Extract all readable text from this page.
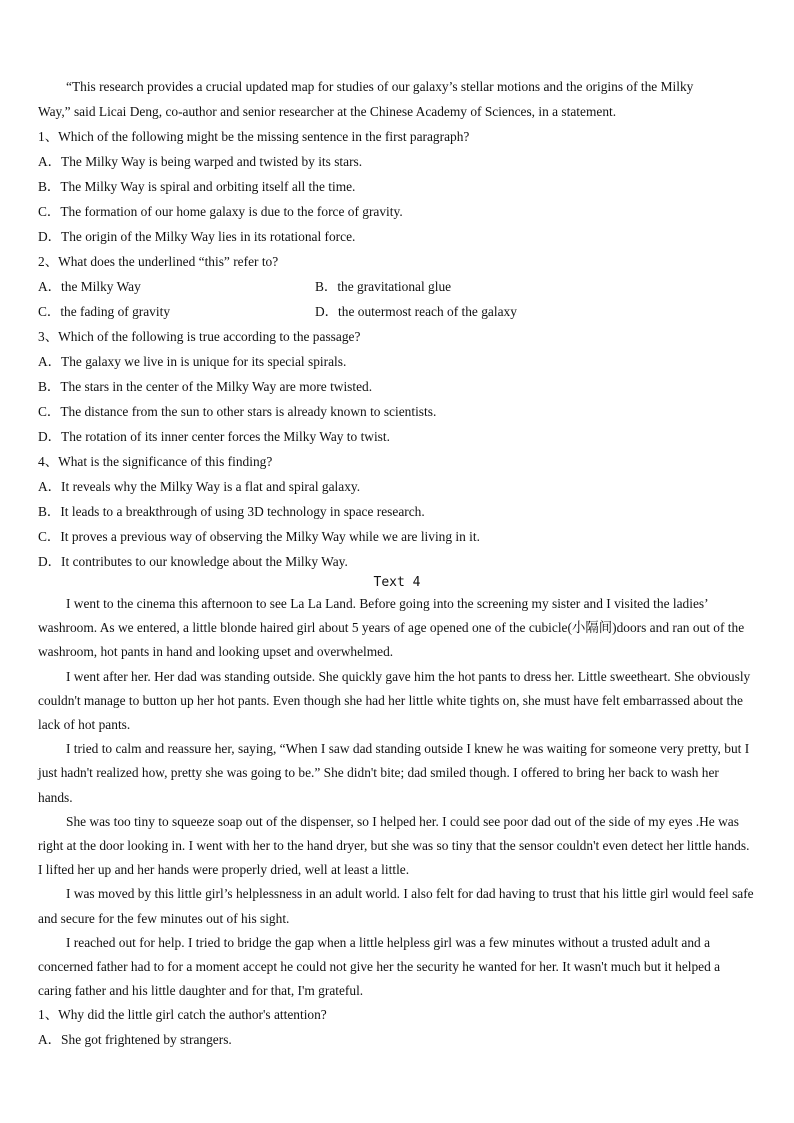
“This research provides a crucial updated map for studies of our galaxy’s stellar motions and the origins of the Milky

Way,” said Licai Deng, co-author and senior researcher at the Chinese Academy of Sciences, in a statement.

1、Which of the following might be the missing sentence in the first paragraph?

A．The Milky Way is being warped and twisted by its stars.

B．The Milky Way is spiral and orbiting itself all the time.

C．The formation of our home galaxy is due to the force of gravity.

D．The origin of the Milky Way lies in its rotational force.

2、What does the underlined “this” refer to?

A．the Milky Way	B．the gravitational glue
C．the fading of gravity	D．the outermost reach of the galaxy

3、Which of the following is true according to the passage?

A．The galaxy we live in is unique for its special spirals.

B．The stars in the center of the Milky Way are more twisted.

C．The distance from the sun to other stars is already known to scientists.

D．The rotation of its inner center forces the Milky Way to twist.

4、What is the significance of this finding?

A．It reveals why the Milky Way is a flat and spiral galaxy.

B．It leads to a breakthrough of using 3D technology in space research.

C．It proves a previous way of observing the Milky Way while we are living in it.

D．It contributes to our knowledge about the Milky Way.

Text 4

I went to the cinema this afternoon to see La La Land. Before going into the screening my sister and I visited the ladies’ washroom. As we entered, a little blonde haired girl about 5 years of age opened one of the cubicle(小隔间)doors and ran out of the washroom, hot pants in hand and looking upset and overwhelmed.

I went after her. Her dad was standing outside. She quickly gave him the hot pants to dress her. Little sweetheart. She obviously couldn't manage to button up her hot pants. Even though she had her little white tights on, she must have felt embarrassed about the lack of hot pants.

I tried to calm and reassure her, saying, “When I saw dad standing outside I knew he was waiting for someone very pretty, but I just hadn't realized how, pretty she was going to be.” She didn't bite; dad smiled though. I offered to bring her back to wash her hands.

She was too tiny to squeeze soap out of the dispenser, so I helped her. I could see poor dad out of the side of my eyes .He was right at the door looking in. I went with her to the hand dryer, but she was so tiny that the sensor couldn't even detect her little hands. I lifted her up and her hands were properly dried, well at least a little.

I was moved by this little girl’s helplessness in an adult world. I also felt for dad having to trust that his little girl would feel safe and secure for the few minutes out of his sight.

I reached out for help. I tried to bridge the gap when a little helpless girl was a few minutes without a trusted adult and a concerned father had to for a moment accept he could not give her the security he wanted for her. It wasn't much but it helped a caring father and his little daughter and for that, I'm grateful.

1、Why did the little girl catch the author's attention?

A．She got frightened by strangers.
